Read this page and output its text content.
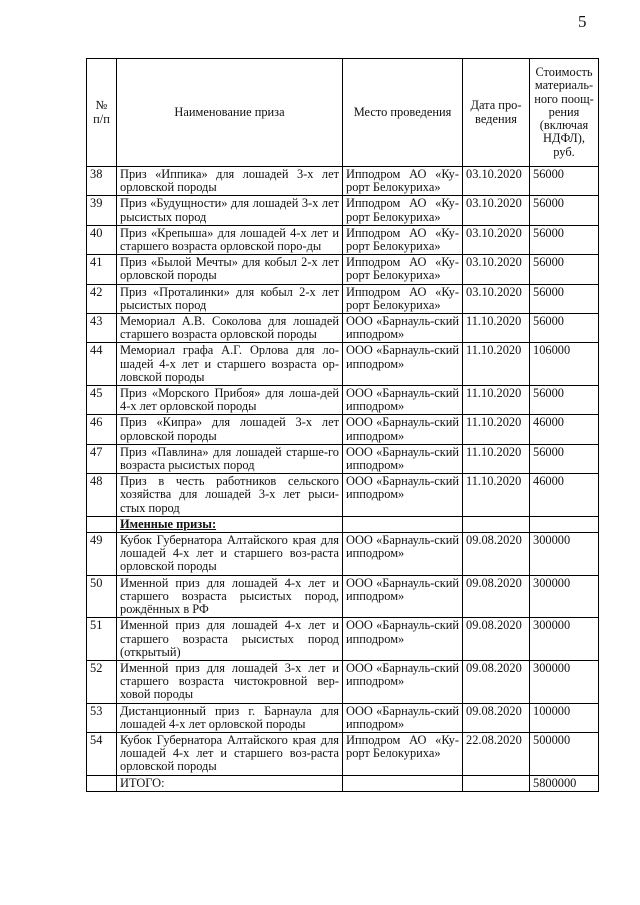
5
№ п/п	Наименование приза	Место проведения	Дата про-ведения	Стоимость материаль-ного поощ-рения (включая НДФЛ), руб.
38	Приз «Иппика» для лошадей 3-х лет орловской породы	Ипподром АО «Ку-рорт Белокуриха»	03.10.2020	56000
39	Приз «Будущности» для лошадей 3-х лет рысистых пород	Ипподром АО «Ку-рорт Белокуриха»	03.10.2020	56000
40	Приз «Крепыша» для лошадей 4-х лет и старшего возраста орловской поро-ды	Ипподром АО «Ку-рорт Белокуриха»	03.10.2020	56000
41	Приз «Былой Мечты» для кобыл 2-х лет орловской породы	Ипподром АО «Ку-рорт Белокуриха»	03.10.2020	56000
42	Приз «Проталинки» для кобыл 2-х лет рысистых пород	Ипподром АО «Ку-рорт Белокуриха»	03.10.2020	56000
43	Мемориал А.В. Соколова для лошадей старшего возраста орловской породы	ООО «Барнауль-ский ипподром»	11.10.2020	56000
44	Мемориал графа А.Г. Орлова для ло-шадей 4-х лет и старшего возраста ор-ловской породы	ООО «Барнауль-ский ипподром»	11.10.2020	106000
45	Приз «Морского Прибоя» для лоша-дей 4-х лет орловской породы	ООО «Барнауль-ский ипподром»	11.10.2020	56000
46	Приз «Кипра» для лошадей 3-х лет орловской породы	ООО «Барнауль-ский ипподром»	11.10.2020	46000
47	Приз «Павлина» для лошадей старше-го возраста рысистых пород	ООО «Барнауль-ский ипподром»	11.10.2020	56000
48	Приз в честь работников сельского хозяйства для лошадей 3-х лет рыси-стых пород	ООО «Барнауль-ский ипподром»	11.10.2020	46000
	Именные призы:			
49	Кубок Губернатора Алтайского края для лошадей 4-х лет и старшего воз-раста орловской породы	ООО «Барнауль-ский ипподром»	09.08.2020	300000
50	Именной приз для лошадей 4-х лет и старшего возраста рысистых пород, рождённых в РФ	ООО «Барнауль-ский ипподром»	09.08.2020	300000
51	Именной приз для лошадей 4-х лет и старшего возраста рысистых пород (открытый)	ООО «Барнауль-ский ипподром»	09.08.2020	300000
52	Именной приз для лошадей 3-х лет и старшего возраста чистокровной вер-ховой породы	ООО «Барнауль-ский ипподром»	09.08.2020	300000
53	Дистанционный приз г. Барнаула для лошадей 4-х лет орловской породы	ООО «Барнауль-ский ипподром»	09.08.2020	100000
54	Кубок Губернатора Алтайского края для лошадей 4-х лет и старшего воз-раста орловской породы	Ипподром АО «Ку-рорт Белокуриха»	22.08.2020	500000
	ИТОГО:			5800000
